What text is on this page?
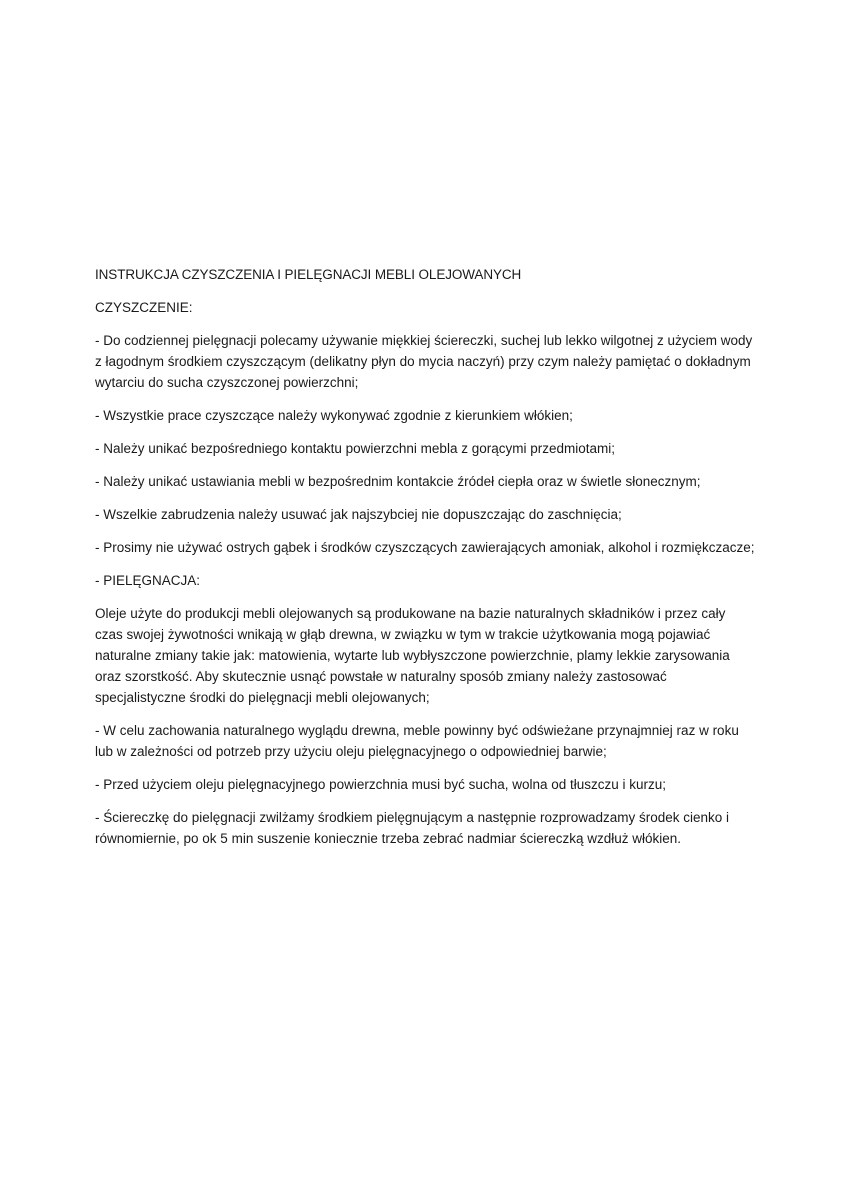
INSTRUKCJA CZYSZCZENIA I PIELĘGNACJI MEBLI OLEJOWANYCH

CZYSZCZENIE:

- Do codziennej pielęgnacji polecamy używanie miękkiej ściereczki, suchej lub lekko wilgotnej z użyciem wody z łagodnym środkiem czyszczącym (delikatny płyn do mycia naczyń) przy czym należy pamiętać o dokładnym wytarciu do sucha czyszczonej powierzchni;

- Wszystkie prace czyszczące należy wykonywać zgodnie z kierunkiem włókien;

- Należy unikać bezpośredniego kontaktu powierzchni mebla z gorącymi przedmiotami;

- Należy unikać ustawiania mebli w bezpośrednim kontakcie źródeł ciepła oraz w świetle słonecznym;

- Wszelkie zabrudzenia należy usuwać jak najszybciej nie dopuszczając do zaschnięcia;

- Prosimy nie używać ostrych gąbek i środków czyszczących zawierających amoniak, alkohol i rozmiękczacze;

- PIELĘGNACJA:

Oleje użyte do produkcji mebli olejowanych są produkowane na bazie naturalnych składników i przez cały czas swojej żywotności wnikają w głąb drewna, w związku w tym w trakcie użytkowania mogą pojawiać naturalne zmiany takie jak: matowienia, wytarte lub wybłyszczone powierzchnie, plamy lekkie zarysowania oraz szorstkość. Aby skutecznie usnąć powstałe w naturalny sposób zmiany należy zastosować specjalistyczne środki do pielęgnacji mebli olejowanych;

- W celu zachowania naturalnego wyglądu drewna, meble powinny być odświeżane przynajmniej raz w roku lub w zależności od potrzeb przy użyciu oleju pielęgnacyjnego o odpowiedniej barwie;

- Przed użyciem oleju pielęgnacyjnego powierzchnia musi być sucha, wolna od tłuszczu i kurzu;

- Ściereczkę do pielęgnacji zwilżamy środkiem pielęgnującym a następnie rozprowadzamy środek cienko i równomiernie, po ok 5 min suszenie koniecznie trzeba zebrać nadmiar ściereczką wzdłuż włókien.
